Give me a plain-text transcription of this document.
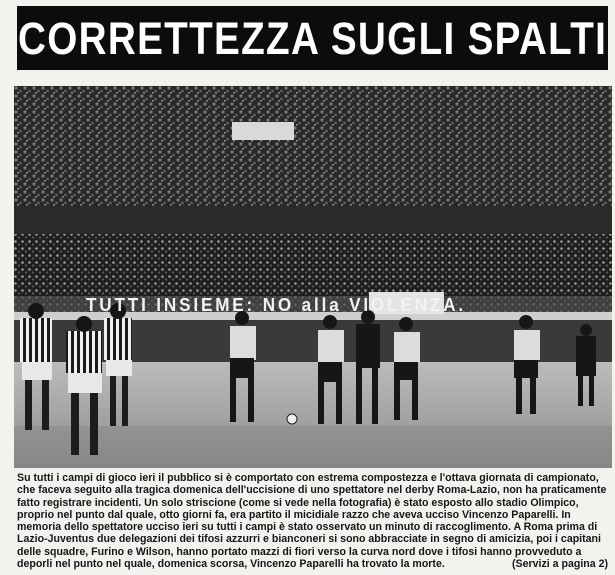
CORRETTEZZA SUGLI SPALTI
TUTTI INSIEME: NO alla VIOLENZA.
Su tutti i campi di gioco ieri il pubblico si è comportato con estrema compostezza e l'ottava giornata di campionato,
che faceva seguito alla tragica domenica dell'uccisione di uno spettatore nel derby Roma-Lazio, non ha praticamente
fatto registrare incidenti. Un solo striscione (come si vede nella fotografia) è stato esposto allo stadio Olimpico,
proprio nel punto dal quale, otto giorni fa, era partito il micidiale razzo che aveva ucciso Vincenzo Paparelli. In
memoria dello spettatore ucciso ieri su tutti i campi è stato osservato un minuto di raccoglimento. A Roma prima di
Lazio-Juventus due delegazioni dei tifosi azzurri e bianconeri si sono abbracciate in segno di amicizia, poi i capitani
delle squadre, Furino e Wilson, hanno portato mazzi di fiori verso la curva nord dove i tifosi hanno provveduto a
deporli nel punto nel quale, domenica scorsa, Vincenzo Paparelli ha trovato la morte.	(Servizi a pagina 2)
